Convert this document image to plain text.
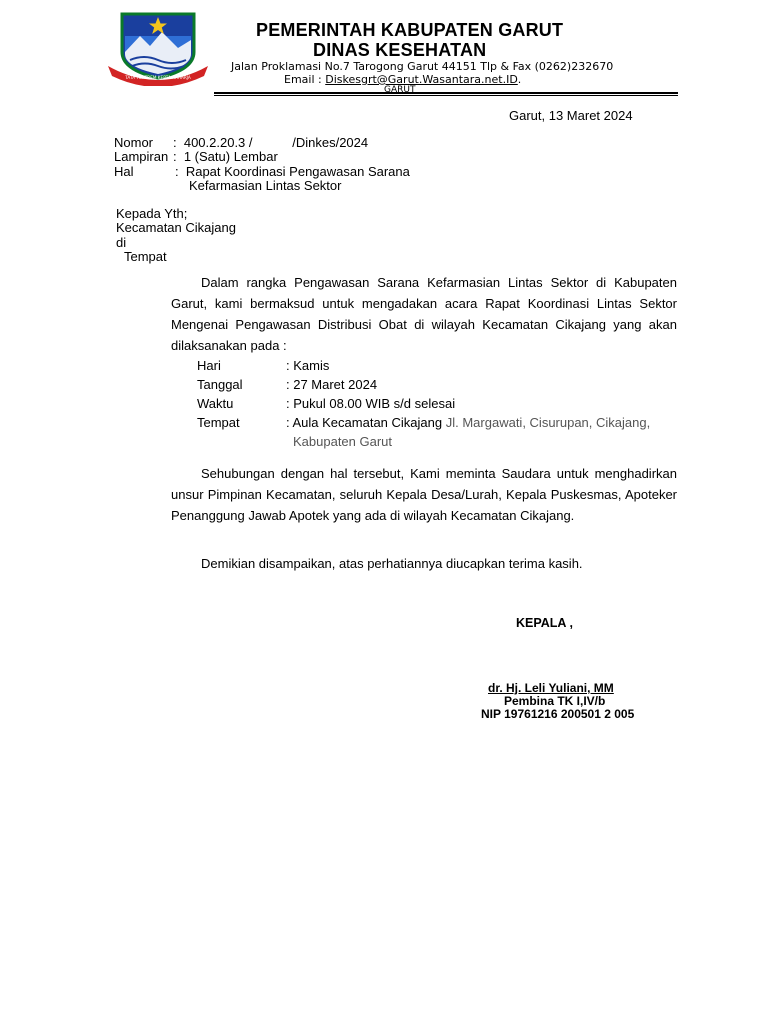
TATA TENTREM KERTA RAHARJA
PEMERINTAH KABUPATEN GARUT
DINAS KESEHATAN
Jalan Proklamasi No.7 Tarogong Garut 44151 Tlp & Fax (0262)232670
Email : Diskesgrt@Garut.Wasantara.net.ID.
GARUT
Garut, 13 Maret 2024
Nomor :  400.2.20.3 /           /Dinkes/2024
Lampiran :  1 (Satu) Lembar
Hal	:  Rapat Koordinasi Pengawasan Sarana
Kefarmasian Lintas Sektor
Kepada Yth;
Kecamatan Cikajang
di
Tempat
Dalam rangka Pengawasan Sarana Kefarmasian Lintas Sektor di Kabupaten Garut, kami bermaksud untuk mengadakan acara Rapat Koordinasi Lintas Sektor Mengenai Pengawasan Distribusi Obat di wilayah Kecamatan Cikajang yang akan dilaksanakan pada :
Hari	: Kamis
Tanggal	: 27 Maret 2024
Waktu	: Pukul 08.00 WIB s/d selesai
Tempat	: Aula Kecamatan Cikajang Jl. Margawati, Cisurupan, Cikajang,
Kabupaten Garut
Sehubungan dengan hal tersebut, Kami meminta Saudara untuk menghadirkan unsur Pimpinan Kecamatan, seluruh Kepala Desa/Lurah, Kepala Puskesmas, Apoteker Penanggung Jawab Apotek yang ada di wilayah Kecamatan Cikajang.
Demikian disampaikan, atas perhatiannya diucapkan terima kasih.
KEPALA ,
dr. Hj. Leli Yuliani, MM
Pembina TK I,IV/b
NIP 19761216 200501 2 005
